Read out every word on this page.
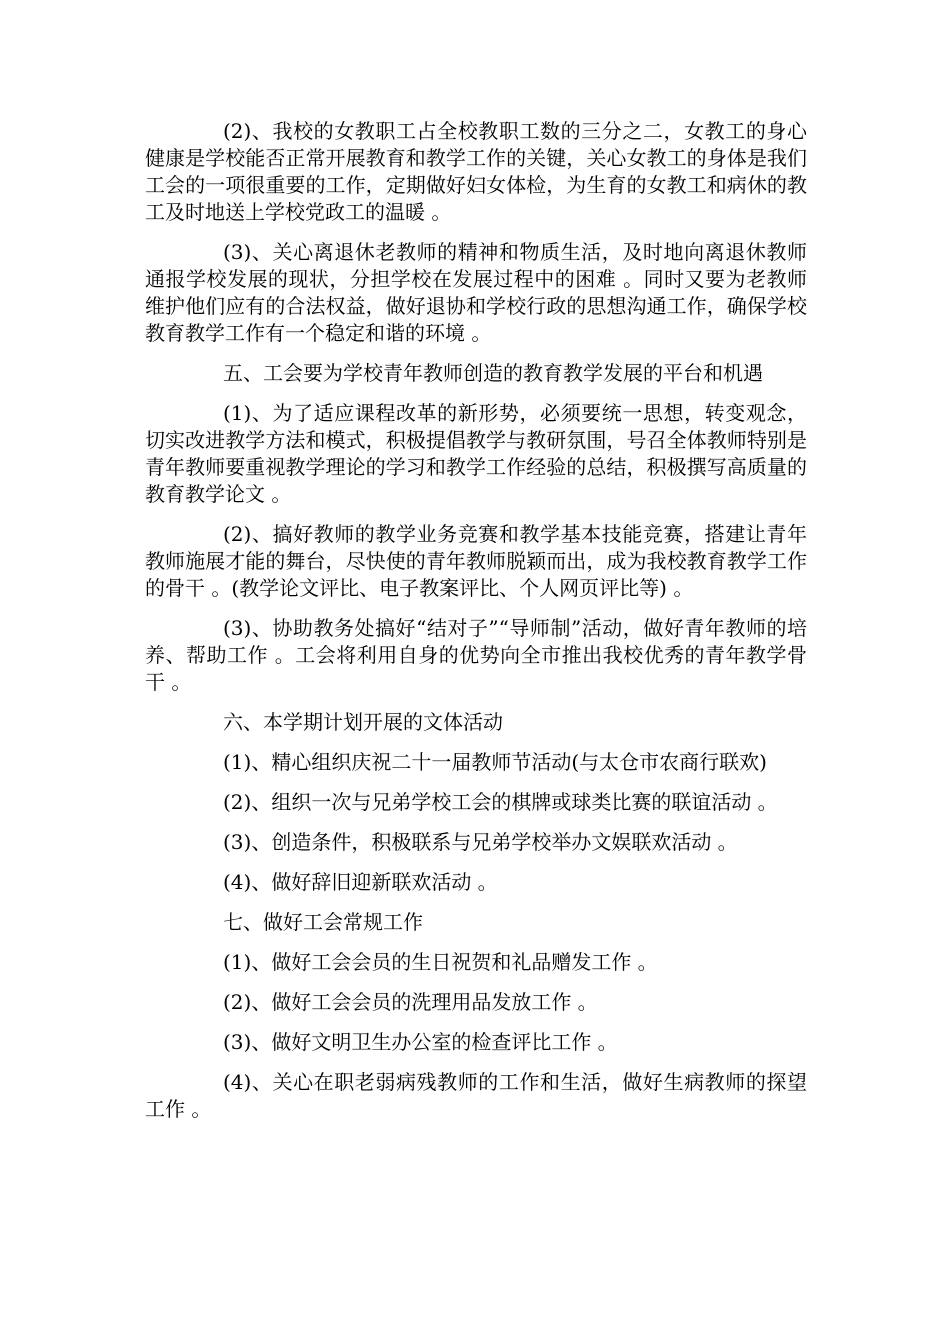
(2)、我校的女教职工占全校教职工数的三分之二，女教工的身心健康是学校能否正常开展教育和教学工作的关键，关心女教工的身体是我们工会的一项很重要的工作，定期做好妇女体检，为生育的女教工和病休的教工及时地送上学校党政工的温暖 。

(3)、关心离退休老教师的精神和物质生活，及时地向离退休教师通报学校发展的现状，分担学校在发展过程中的困难 。同时又要为老教师维护他们应有的合法权益，做好退协和学校行政的思想沟通工作，确保学校教育教学工作有一个稳定和谐的环境 。

五、工会要为学校青年教师创造的教育教学发展的平台和机遇

(1)、为了适应课程改革的新形势，必须要统一思想，转变观念，切实改进教学方法和模式，积极提倡教学与教研氛围，号召全体教师特别是青年教师要重视教学理论的学习和教学工作经验的总结，积极撰写高质量的教育教学论文 。

(2)、搞好教师的教学业务竞赛和教学基本技能竞赛，搭建让青年教师施展才能的舞台，尽快使的青年教师脱颖而出，成为我校教育教学工作的骨干 。(教学论文评比、电子教案评比、个人网页评比等) 。

(3)、协助教务处搞好“结对子”“导师制”活动，做好青年教师的培养、帮助工作 。工会将利用自身的优势向全市推出我校优秀的青年教学骨干 。

六、本学期计划开展的文体活动

(1)、精心组织庆祝二十一届教师节活动(与太仓市农商行联欢)

(2)、组织一次与兄弟学校工会的棋牌或球类比赛的联谊活动 。

(3)、创造条件，积极联系与兄弟学校举办文娱联欢活动 。

(4)、做好辞旧迎新联欢活动 。

七、做好工会常规工作

(1)、做好工会会员的生日祝贺和礼品赠发工作 。

(2)、做好工会会员的洗理用品发放工作 。

(3)、做好文明卫生办公室的检查评比工作 。

(4)、关心在职老弱病残教师的工作和生活，做好生病教师的探望工作 。
